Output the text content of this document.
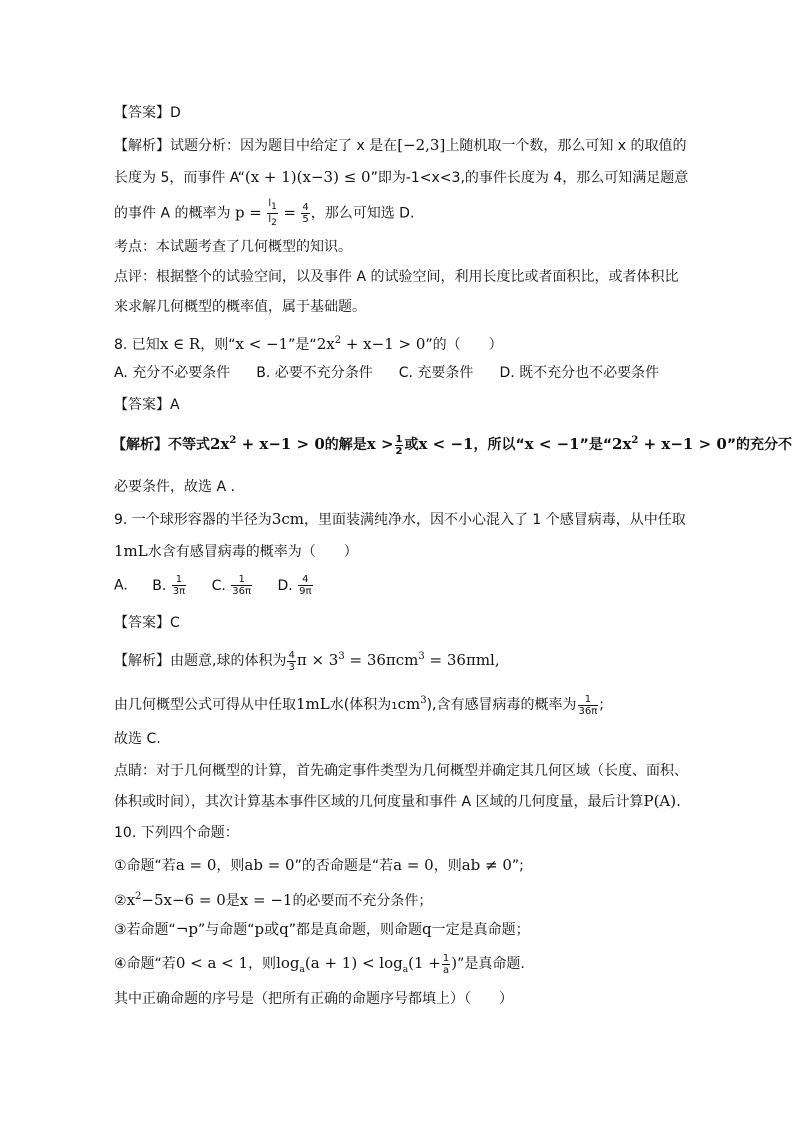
【答案】D
【解析】试题分析：因为题目中给定了 x 是在[−2,3]上随机取一个数，那么可知 x 的取值的
长度为 5，而事件 A“(x + 1)(x−3) ≤ 0”即为-1<x<3,的事件长度为 4，那么可知满足题意
的事件 A 的概率为 $p = \frac{l_1}{l_2} = \frac{4}{5}$ ，那么可知选 D.
考点：本试题考查了几何概型的知识。
点评：根据整个的试验空间，以及事件 A 的试验空间，利用长度比或者面积比，或者体积比
来求解几何概型的概率值，属于基础题。
8. 已知x ∈ R，则“x < −1”是“$2x^2 + x-1 > 0$”的（　　）
A. 充分不必要条件 B. 必要不充分条件 C. 充要条件 D. 既不充分也不必要条件
【答案】A
【解析】不等式$2x^2 + x-1 > 0$的解是$x > \frac{1}{2}$ 或x < −1，所以“x < −1”是“$2x^2 + x-1 > 0$”的充分不
必要条件，故选 A .
9. 一个球形容器的半径为3cm，里面装满纯净水，因不小心混入了 1 个感冒病毒，从中任取
1mL水含有感冒病毒的概率为（　　）
A. B. $\frac{1}{3\pi} C$. $\frac{1}{36\pi} D$. $\frac{4}{9\pi}$
【答案】C
【解析】由题意,球的体积为 $\frac{4}{3}$ $\pi \times 3^3 = 36\pi cm^3 = 36\pi ml$,
由几何概型公式可得从中任取1mL水(体积为$1cm^3$),含有感冒病毒的概率为 $\frac{1}{36\pi}$ ;
故选 C.
点睛：对于几何概型的计算，首先确定事件类型为几何概型并确定其几何区域（长度、面积、
体积或时间），其次计算基本事件区域的几何度量和事件 A 区域的几何度量，最后计算P(A).
10. 下列四个命题：
①命题“若a = 0，则ab = 0”的否命题是“若a = 0，则ab ≠ 0”;
$②x^2-5x-6 = 0$是x = −1的必要而不充分条件；
③若命题“¬p”与命题“p或q”都是真命题，则命题q一定是真命题；
④命题“若0 < a < 1，则$\log_a(a + 1) < \log_a(1 + \frac{1}{a}$ )”是真命题.
其中正确命题的序号是（把所有正确的命题序号都填上）（　　）
